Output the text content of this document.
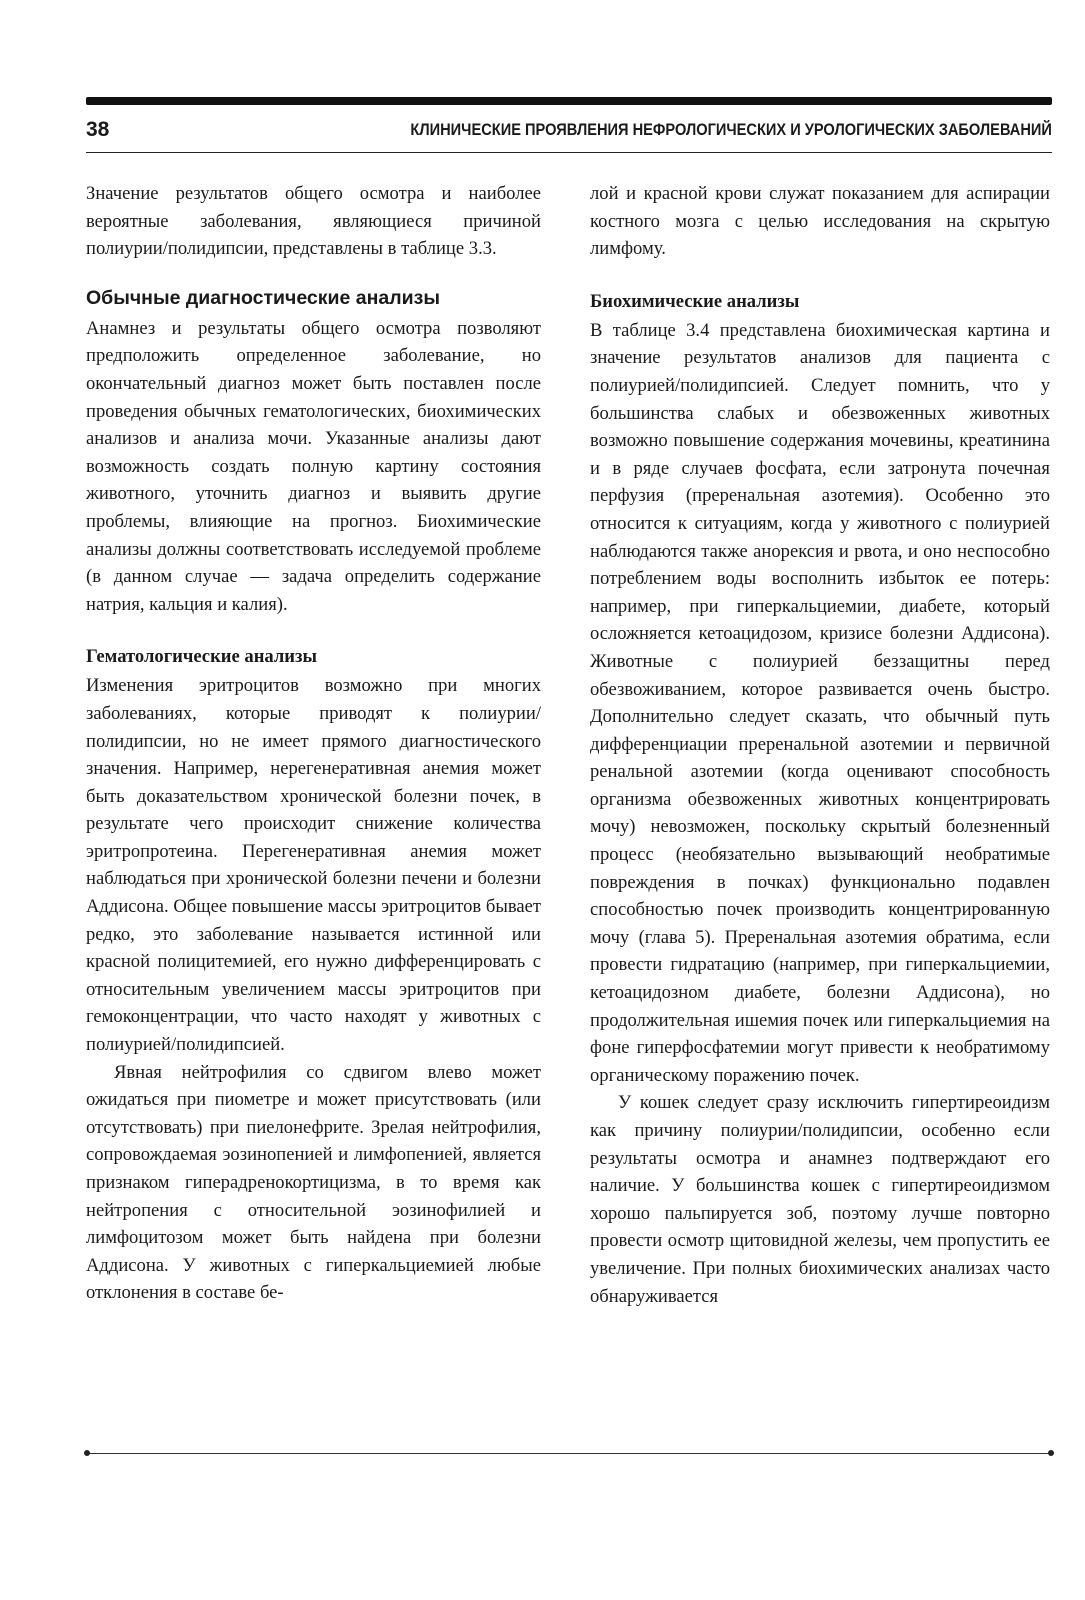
38	КЛИНИЧЕСКИЕ ПРОЯВЛЕНИЯ НЕФРОЛОГИЧЕСКИХ И УРОЛОГИЧЕСКИХ ЗАБОЛЕВАНИЙ

Значение результатов общего осмотра и наиболее вероятные заболевания, являющиеся причиной полиурии/полидипсии, представлены в таблице 3.3.

Обычные диагностические анализы

Анамнез и результаты общего осмотра позволяют предположить определенное заболевание, но окончательный диагноз может быть поставлен после проведения обычных гематологических, биохимических анализов и анализа мочи. Указанные анализы дают возможность создать полную картину состояния животного, уточнить диагноз и выявить другие проблемы, влияющие на прогноз. Биохимические анализы должны соответствовать исследуемой проблеме (в данном случае — задача определить содержание натрия, кальция и калия).

Гематологические анализы

Изменения эритроцитов возможно при многих заболеваниях, которые приводят к полиурии/полидипсии, но не имеет прямого диагностического значения. Например, нерегенеративная анемия может быть доказательством хронической болезни почек, в результате чего происходит снижение количества эритропротеина. Перегенеративная анемия может наблюдаться при хронической болезни печени и болезни Аддисона. Общее повышение массы эритроцитов бывает редко, это заболевание называется истинной или красной полицитемией, его нужно дифференцировать с относительным увеличением массы эритроцитов при гемоконцентрации, что часто находят у животных с полиурией/полидипсией.

Явная нейтрофилия со сдвигом влево может ожидаться при пиометре и может присутствовать (или отсутствовать) при пиелонефрите. Зрелая нейтрофилия, сопровождаемая эозинопенией и лимфопенией, является признаком гиперадренокортицизма, в то время как нейтропения с относительной эозинофилией и лимфоцитозом может быть найдена при болезни Аддисона. У животных с гиперкальциемией любые отклонения в составе бе-

лой и красной крови служат показанием для аспирации костного мозга с целью исследования на скрытую лимфому.

Биохимические анализы

В таблице 3.4 представлена биохимическая картина и значение результатов анализов для пациента с полиурией/полидипсией. Следует помнить, что у большинства слабых и обезвоженных животных возможно повышение содержания мочевины, креатинина и в ряде случаев фосфата, если затронута почечная перфузия (преренальная азотемия). Особенно это относится к ситуациям, когда у животного с полиурией наблюдаются также анорексия и рвота, и оно неспособно потреблением воды восполнить избыток ее потерь: например, при гиперкальциемии, диабете, который осложняется кетоацидозом, кризисе болезни Аддисона). Животные с полиурией беззащитны перед обезвоживанием, которое развивается очень быстро. Дополнительно следует сказать, что обычный путь дифференциации преренальной азотемии и первичной ренальной азотемии (когда оценивают способность организма обезвоженных животных концентрировать мочу) невозможен, поскольку скрытый болезненный процесс (необязательно вызывающий необратимые повреждения в почках) функционально подавлен способностью почек производить концентрированную мочу (глава 5). Преренальная азотемия обратима, если провести гидратацию (например, при гиперкальциемии, кетоацидозном диабете, болезни Аддисона), но продолжительная ишемия почек или гиперкальциемия на фоне гиперфосфатемии могут привести к необратимому органическому поражению почек.

У кошек следует сразу исключить гипертиреоидизм как причину полиурии/полидипсии, особенно если результаты осмотра и анамнез подтверждают его наличие. У большинства кошек с гипертиреоидизмом хорошо пальпируется зоб, поэтому лучше повторно провести осмотр щитовидной железы, чем пропустить ее увеличение. При полных биохимических анализах часто обнаруживается
